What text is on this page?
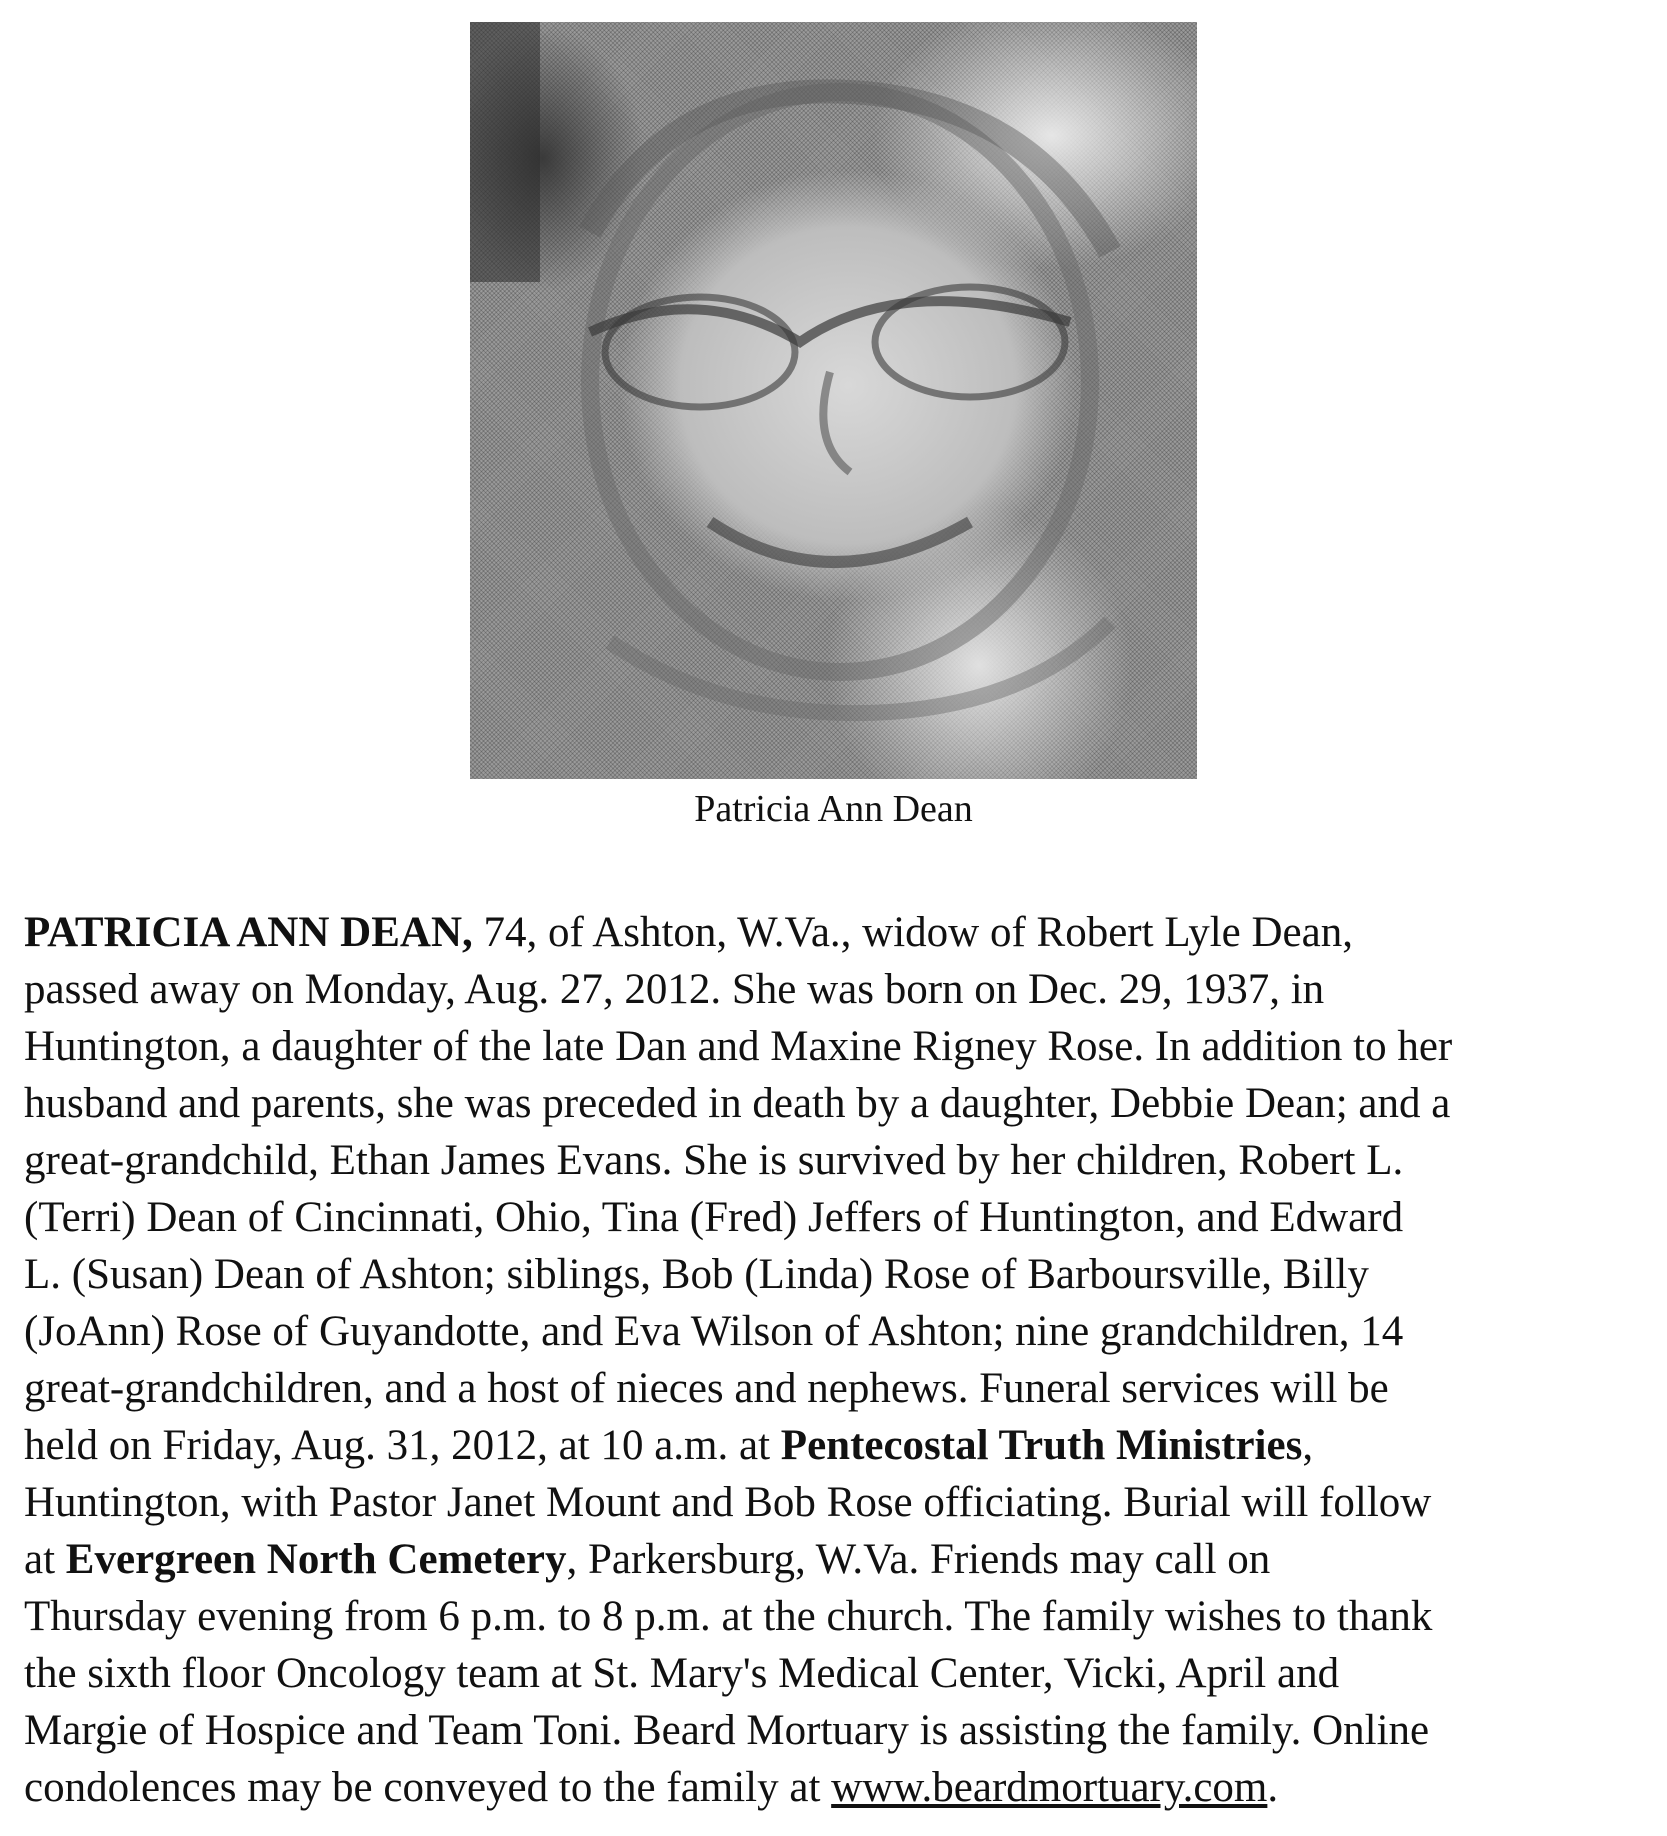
Patricia Ann Dean

PATRICIA ANN DEAN, 74, of Ashton, W.Va., widow of Robert Lyle Dean,
passed away on Monday, Aug. 27, 2012. She was born on Dec. 29, 1937, in
Huntington, a daughter of the late Dan and Maxine Rigney Rose. In addition to her
husband and parents, she was preceded in death by a daughter, Debbie Dean; and a
great-grandchild, Ethan James Evans. She is survived by her children, Robert L.
(Terri) Dean of Cincinnati, Ohio, Tina (Fred) Jeffers of Huntington, and Edward
L. (Susan) Dean of Ashton; siblings, Bob (Linda) Rose of Barboursville, Billy
(JoAnn) Rose of Guyandotte, and Eva Wilson of Ashton; nine grandchildren, 14
great-grandchildren, and a host of nieces and nephews. Funeral services will be
held on Friday, Aug. 31, 2012, at 10 a.m. at Pentecostal Truth Ministries,
Huntington, with Pastor Janet Mount and Bob Rose officiating. Burial will follow
at Evergreen North Cemetery, Parkersburg, W.Va. Friends may call on
Thursday evening from 6 p.m. to 8 p.m. at the church. The family wishes to thank
the sixth floor Oncology team at St. Mary's Medical Center, Vicki, April and
Margie of Hospice and Team Toni. Beard Mortuary is assisting the family. Online
condolences may be conveyed to the family at www.beardmortuary.com.
